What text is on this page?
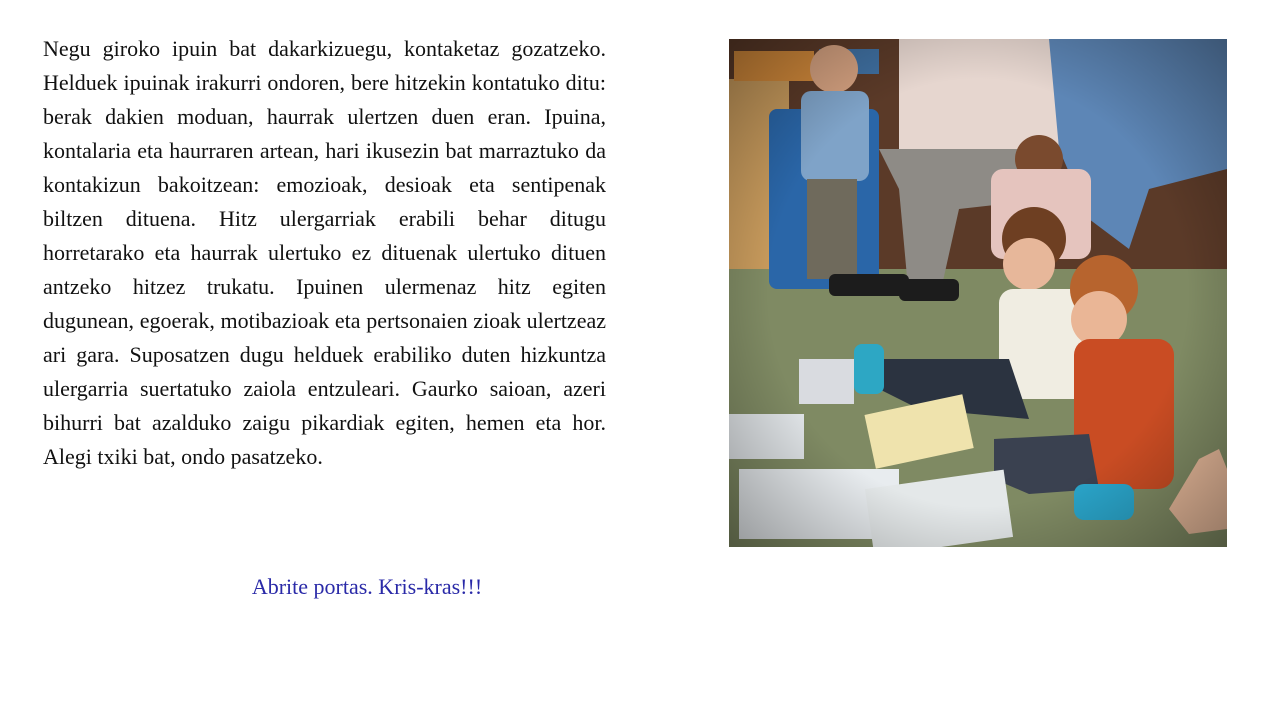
Negu giroko ipuin bat dakarkizuegu, kontaketaz gozatzeko. Helduek ipuinak irakurri ondoren, bere hitzekin kontatuko ditu: berak dakien moduan, haurrak ulertzen duen eran. Ipuina, kontalaria eta haurraren artean, hari ikusezin bat marraztuko da kontakizun bakoitzean: emozioak, desioak eta sentipenak biltzen dituena. Hitz ulergarriak erabili behar ditugu horretarako eta haurrak ulertuko ez dituenak ulertuko dituen antzeko hitzez trukatu. Ipuinen ulermenaz hitz egiten dugunean, egoerak, motibazioak eta pertsonaien zioak ulertzeaz ari gara. Suposatzen dugu helduek erabiliko duten hizkuntza ulergarria suertatuko zaiola entzuleari. Gaurko saioan, azeri bihurri bat azalduko zaigu pikardiak egiten, hemen eta hor. Alegi txiki bat, ondo pasatzeko.

Abrite portas. Kris-kras!!!
